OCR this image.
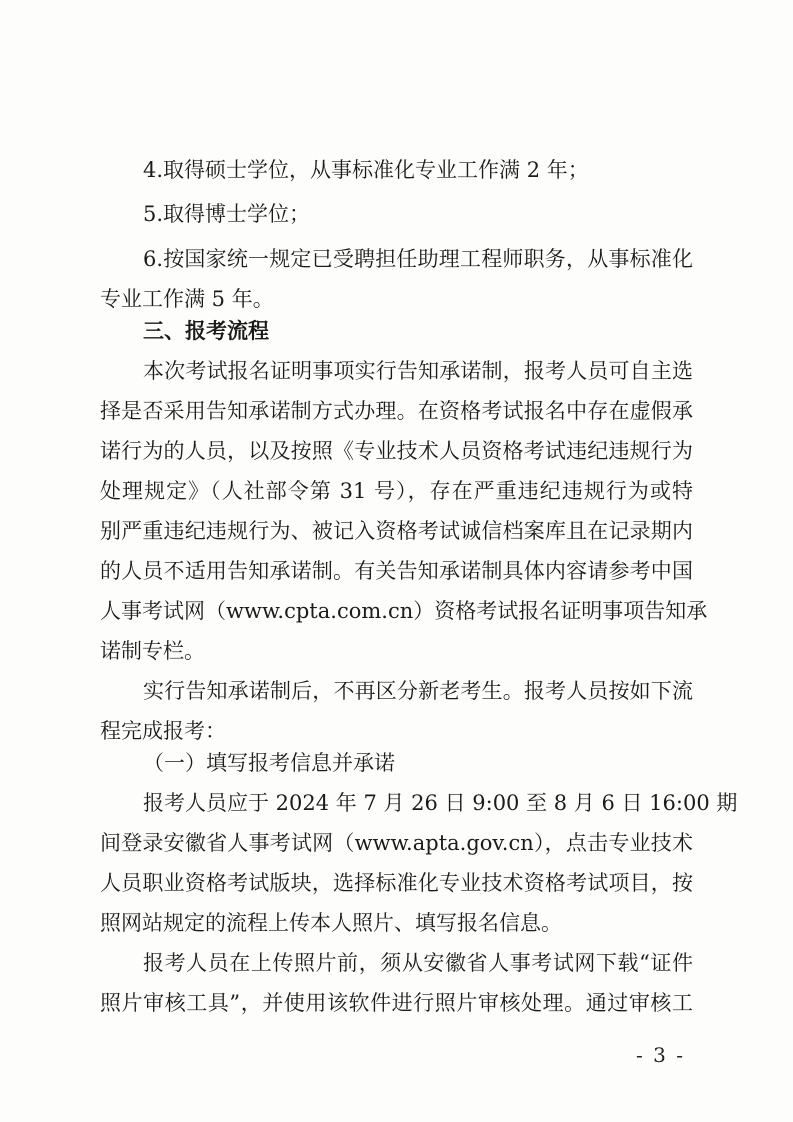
4.取得硕士学位，从事标准化专业工作满 2 年；
5.取得博士学位；
6.按国家统一规定已受聘担任助理工程师职务，从事标准化
专业工作满 5 年。
三、报考流程
本次考试报名证明事项实行告知承诺制，报考人员可自主选
择是否采用告知承诺制方式办理。在资格考试报名中存在虚假承
诺行为的人员，以及按照《专业技术人员资格考试违纪违规行为
处理规定》（人社部令第 31 号），存在严重违纪违规行为或特
别严重违纪违规行为、被记入资格考试诚信档案库且在记录期内
的人员不适用告知承诺制。有关告知承诺制具体内容请参考中国
人事考试网（www.cpta.com.cn）资格考试报名证明事项告知承
诺制专栏。
实行告知承诺制后，不再区分新老考生。报考人员按如下流
程完成报考：
（一）填写报考信息并承诺
报考人员应于 2024 年 7 月 26 日 9:00 至 8 月 6 日 16:00 期
间登录安徽省人事考试网（www.apta.gov.cn），点击专业技术
人员职业资格考试版块，选择标准化专业技术资格考试项目，按
照网站规定的流程上传本人照片、填写报名信息。
报考人员在上传照片前，须从安徽省人事考试网下载“证件
照片审核工具”，并使用该软件进行照片审核处理。通过审核工
- 3 -
